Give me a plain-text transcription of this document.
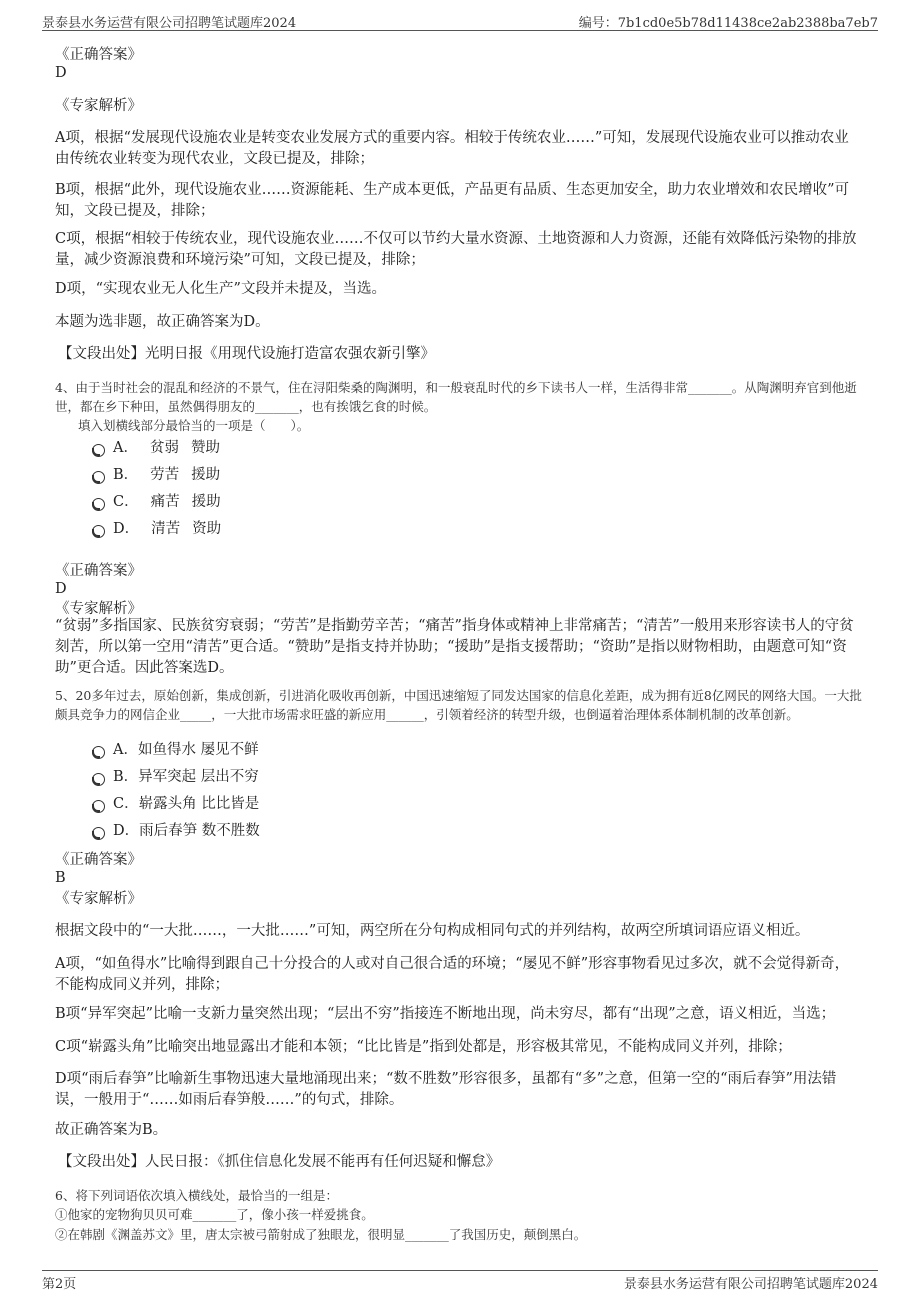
景泰县水务运营有限公司招聘笔试题库2024	编号：7b1cd0e5b78d11438ce2ab2388ba7eb7
《正确答案》
D
《专家解析》
A项，根据“发展现代设施农业是转变农业发展方式的重要内容。相较于传统农业……”可知，发展现代设施农业可以推动农业由传统农业转变为现代农业，文段已提及，排除；
B项，根据“此外，现代设施农业……资源能耗、生产成本更低，产品更有品质、生态更加安全，助力农业增效和农民增收”可知，文段已提及，排除；
C项，根据“相较于传统农业，现代设施农业……不仅可以节约大量水资源、土地资源和人力资源，还能有效降低污染物的排放量，减少资源浪费和环境污染”可知，文段已提及，排除；
D项，“实现农业无人化生产”文段并未提及，当选。
本题为选非题，故正确答案为D。
【文段出处】光明日报《用现代设施打造富农强农新引擎》
4、由于当时社会的混乱和经济的不景气，住在浔阳柴桑的陶渊明，和一般衰乱时代的乡下读书人一样，生活得非常_______。从陶渊明弃官到他逝世，都在乡下种田，虽然偶得朋友的_______，也有挨饿乞食的时候。
填入划横线部分最恰当的一项是（　　）。
A． 贫弱 赞助
B． 劳苦 援助
C． 痛苦 援助
D． 清苦 资助
《正确答案》
D
《专家解析》
“贫弱”多指国家、民族贫穷衰弱；“劳苦”是指勤劳辛苦；“痛苦”指身体或精神上非常痛苦；“清苦”一般用来形容读书人的守贫刻苦，所以第一空用“清苦”更合适。“赞助”是指支持并协助；“援助”是指支援帮助；“资助”是指以财物相助，由题意可知“资助”更合适。因此答案选D。
5、20多年过去，原始创新，集成创新，引进消化吸收再创新，中国迅速缩短了同发达国家的信息化差距，成为拥有近8亿网民的网络大国。一大批颇具竞争力的网信企业_____，一大批市场需求旺盛的新应用______，引领着经济的转型升级，也倒逼着治理体系体制机制的改革创新。
A．如鱼得水 屡见不鲜
B．异军突起 层出不穷
C．崭露头角 比比皆是
D．雨后春笋 数不胜数
《正确答案》
B
《专家解析》
根据文段中的“一大批……，一大批……”可知，两空所在分句构成相同句式的并列结构，故两空所填词语应语义相近。
A项，“如鱼得水”比喻得到跟自己十分投合的人或对自己很合适的环境；“屡见不鲜”形容事物看见过多次，就不会觉得新奇，不能构成同义并列，排除；
B项“异军突起”比喻一支新力量突然出现；“层出不穷”指接连不断地出现，尚未穷尽，都有“出现”之意，语义相近，当选；
C项“崭露头角”比喻突出地显露出才能和本领；“比比皆是”指到处都是，形容极其常见，不能构成同义并列，排除；
D项“雨后春笋”比喻新生事物迅速大量地涌现出来；“数不胜数”形容很多，虽都有“多”之意，但第一空的“雨后春笋”用法错误，一般用于“……如雨后春笋般……”的句式，排除。
故正确答案为B。
【文段出处】人民日报：《抓住信息化发展不能再有任何迟疑和懈怠》
6、将下列词语依次填入横线处，最恰当的一组是：
①他家的宠物狗贝贝可难_______了，像小孩一样爱挑食。
②在韩剧《渊盖苏文》里，唐太宗被弓箭射成了独眼龙，很明显_______了我国历史，颠倒黑白。
第2页	景泰县水务运营有限公司招聘笔试题库2024
